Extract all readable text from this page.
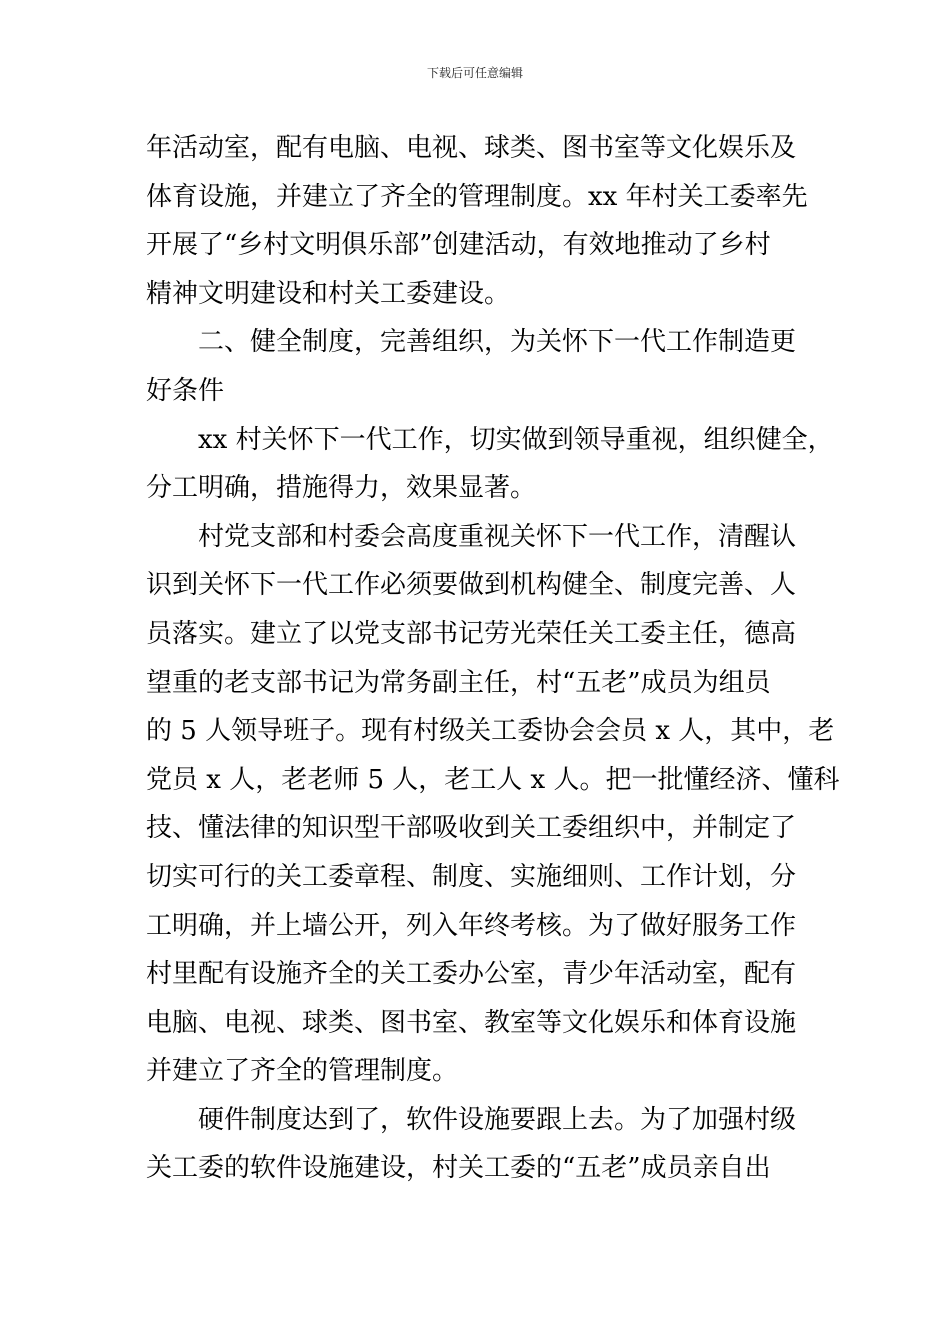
下载后可任意编辑
年活动室，配有电脑、电视、球类、图书室等文化娱乐及
体育设施，并建立了齐全的管理制度。xx 年村关工委率先
开展了“乡村文明俱乐部”创建活动，有效地推动了乡村
精神文明建设和村关工委建设。
二、健全制度，完善组织，为关怀下一代工作制造更
好条件
xx 村关怀下一代工作，切实做到领导重视，组织健全，
分工明确，措施得力，效果显著。
村党支部和村委会高度重视关怀下一代工作，清醒认
识到关怀下一代工作必须要做到机构健全、制度完善、人
员落实。建立了以党支部书记劳光荣任关工委主任，德高
望重的老支部书记为常务副主任，村“五老”成员为组员
的 5 人领导班子。现有村级关工委协会会员 x 人，其中，老
党员 x 人，老老师 5 人，老工人 x 人。把一批懂经济、懂科
技、懂法律的知识型干部吸收到关工委组织中，并制定了
切实可行的关工委章程、制度、实施细则、工作计划，分
工明确，并上墙公开，列入年终考核。为了做好服务工作
村里配有设施齐全的关工委办公室，青少年活动室，配有
电脑、电视、球类、图书室、教室等文化娱乐和体育设施
并建立了齐全的管理制度。
硬件制度达到了，软件设施要跟上去。为了加强村级
关工委的软件设施建设，村关工委的“五老”成员亲自出
